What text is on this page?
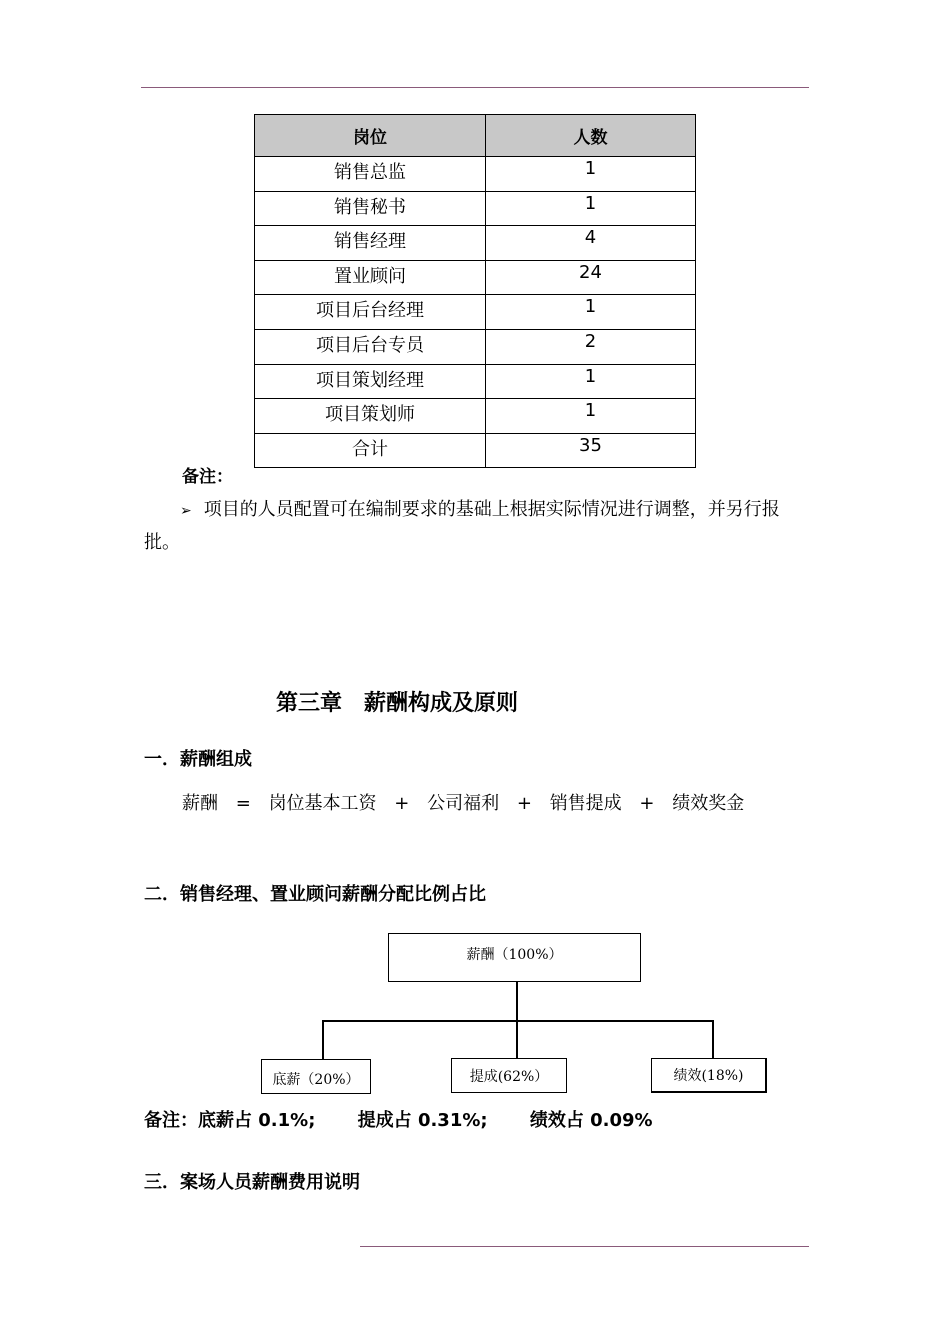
岗位	人数
销售总监	1
销售秘书	1
销售经理	4
置业顾问	24
项目后台经理	1
项目后台专员	2
项目策划经理	1
项目策划师	1
合计	35
备注：
➢ 项目的人员配置可在编制要求的基础上根据实际情况进行调整，并另行报批。
第三章　薪酬构成及原则
一．薪酬组成
薪酬 = 岗位基本工资 + 公司福利 + 销售提成 + 绩效奖金
二．销售经理、置业顾问薪酬分配比例占比
薪酬（100%）
底薪（20%）	提成(62%）	绩效(18%)
备注：底薪占 0.1%; 提成占 0.31%; 绩效占 0.09%
三．案场人员薪酬费用说明
